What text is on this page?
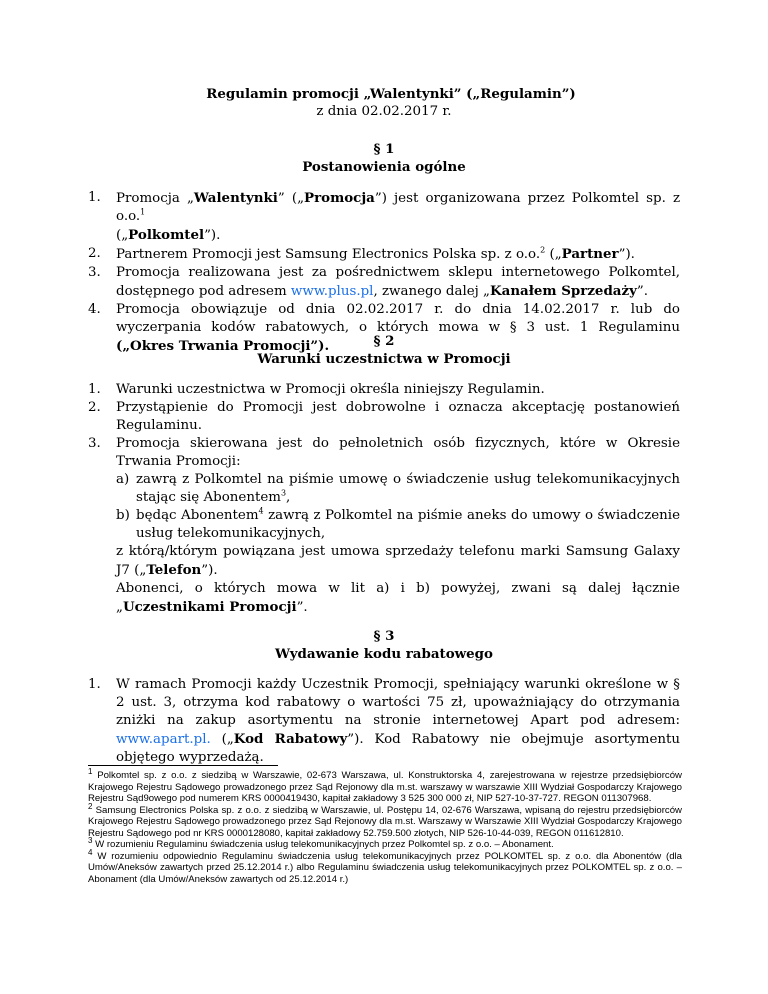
Regulamin promocji „Walentynki” („Regulamin”)

z dnia 02.02.2017 r.

§ 1
Postanowienia ogólne
1. Promocja „Walentynki” („Promocja”) jest organizowana przez Polkomtel sp. z o.o.$^1$
(„Polkomtel”).
2. Partnerem Promocji jest Samsung Electronics Polska sp. z o.o.$^2$ („Partner”).
3. Promocja realizowana jest za pośrednictwem sklepu internetowego Polkomtel, dostępnego pod adresem www.plus.pl, zwanego dalej „Kanałem Sprzedaży”.
4. Promocja obowiązuje od dnia 02.02.2017 r. do dnia 14.02.2017 r. lub do wyczerpania kodów rabatowych, o których mowa w § 3 ust. 1 Regulaminu („Okres Trwania Promocji”).	§ 2
Warunki uczestnictwa w Promocji
1. Warunki uczestnictwa w Promocji określa niniejszy Regulamin.
2. Przystąpienie do Promocji jest dobrowolne i oznacza akceptację postanowień Regulaminu.
3. Promocja skierowana jest do pełnoletnich osób fizycznych, które w Okresie Trwania Promocji:
a) zawrą z Polkomtel na piśmie umowę o świadczenie usług telekomunikacyjnych stając się Abonentem$^3$,
b) będąc Abonentem$^4$ zawrą z Polkomtel na piśmie aneks do umowy o świadczenie usług telekomunikacyjnych,
z którą/którym powiązana jest umowa sprzedaży telefonu marki Samsung Galaxy J7 („Telefon”).
Abonenci, o których mowa w lit a) i b) powyżej, zwani są dalej łącznie „Uczestnikami Promocji”.
§ 3
Wydawanie kodu rabatowego
1. W ramach Promocji każdy Uczestnik Promocji, spełniający warunki określone w § 2 ust. 3, otrzyma kod rabatowy o wartości 75 zł, upoważniający do otrzymania zniżki na zakup asortymentu na stronie internetowej Apart pod adresem: www.apart.pl. („Kod Rabatowy”). Kod Rabatowy nie obejmuje asortymentu objętego wyprzedażą.

$^1$ Polkomtel sp. z o.o. z siedzibą w Warszawie, 02-673 Warszawa, ul. Konstruktorska 4, zarejestrowana w rejestrze przedsiębiorców Krajowego Rejestru Sądowego prowadzonego przez Sąd Rejonowy dla m.st. warszawy w warszawie XIII Wydział Gospodarczy Krajowego Rejestru Sąd9owego pod numerem KRS 0000419430, kapitał zakładowy 3 525 300 000 zł, NIP 527-10-37-727. REGON 011307968.

$^2$ Samsung Electronics Polska sp. z o.o. z siedzibą w Warszawie, ul. Postępu 14, 02-676 Warszawa, wpisaną do rejestru przedsiębiorców Krajowego Rejestru Sądowego prowadzonego przez Sąd Rejonowy dla m.st. Warszawy w Warszawie XIII Wydział Gospodarczy Krajowego Rejestru Sądowego pod nr KRS 0000128080, kapitał zakładowy 52.759.500 złotych, NIP 526-10-44-039, REGON 011612810.

$^3$ W rozumieniu Regulaminu świadczenia usług telekomunikacyjnych przez Polkomtel sp. z o.o. – Abonament.

$^4$ W rozumieniu odpowiednio Regulaminu świadczenia usług telekomunikacyjnych przez POLKOMTEL sp. z o.o. dla Abonentów (dla Umów/Aneksów zawartych przed 25.12.2014 r.) albo Regulaminu świadczenia usług telekomunikacyjnych przez POLKOMTEL sp. z o.o. – Abonament (dla Umów/Aneksów zawartych od 25.12.2014 r.)
